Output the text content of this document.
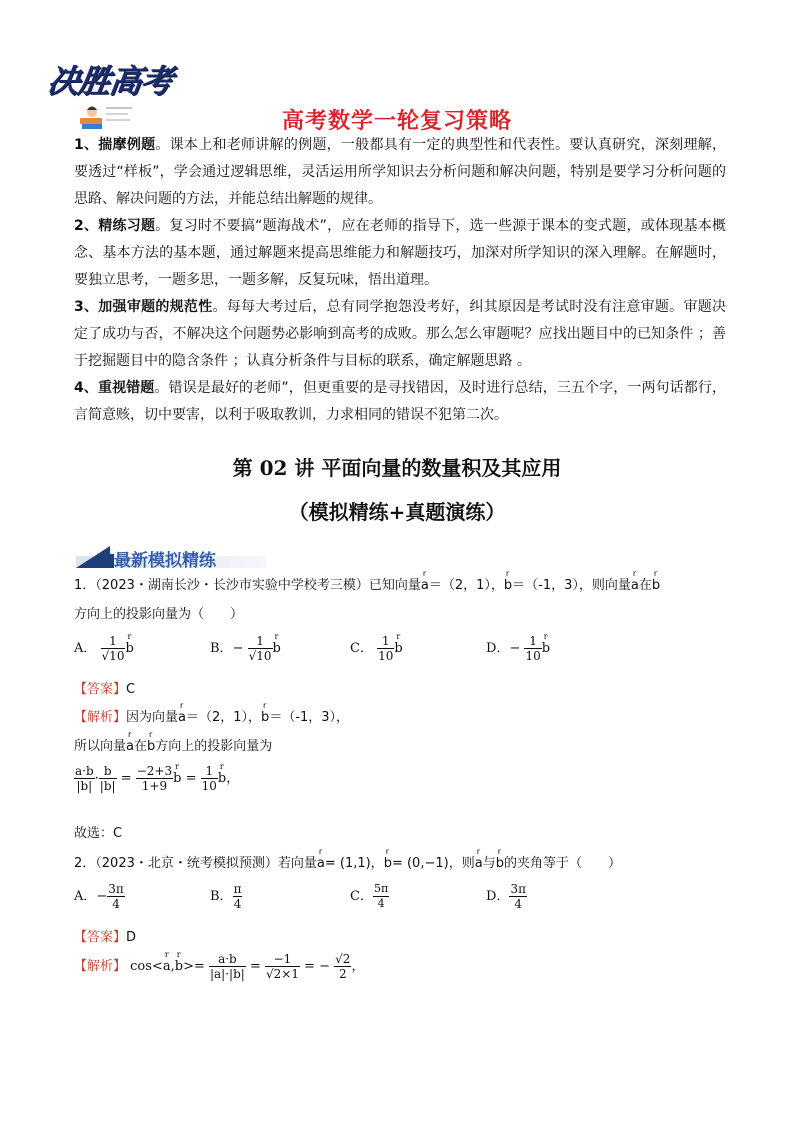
决胜高考
高考数学一轮复习策略

1、揣摩例题。课本上和老师讲解的例题，一般都具有一定的典型性和代表性。要认真研究，深刻理解，要透过“样板”，学会通过逻辑思维，灵活运用所学知识去分析问题和解决问题，特别是要学习分析问题的思路、解决问题的方法，并能总结出解题的规律。

2、精练习题。复习时不要搞“题海战术”，应在老师的指导下，选一些源于课本的变式题，或体现基本概念、基本方法的基本题，通过解题来提高思维能力和解题技巧，加深对所学知识的深入理解。在解题时，要独立思考，一题多思，一题多解，反复玩味，悟出道理。

3、加强审题的规范性。每每大考过后，总有同学抱怨没考好，纠其原因是考试时没有注意审题。审题决定了成功与否，不解决这个问题势必影响到高考的成败。那么怎么审题呢？应找出题目中的已知条件 ；善于挖掘题目中的隐含条件 ；认真分析条件与目标的联系，确定解题思路 。

4、重视错题。错误是最好的老师”，但更重要的是寻找错因，及时进行总结，三五个字，一两句话都行，言简意赅，切中要害，以利于吸取教训，力求相同的错误不犯第二次。

第 02 讲 平面向量的数量积及其应用
（模拟精练+真题演练）
最新模拟精练
1．（2023・湖南长沙・长沙市实验中学校考三模）已知向量r a＝（2，1），r b＝（-1，3），则向量r a在r b
方向上的投影向量为（　　）
A． $\frac{1}{√10}$ r b	B．− $\frac{1}{√10}$ r b	C． $\frac{1}{10}$ r b	D．− $\frac{1}{10}$ r b
【答案】C
【解析】因为向量r a＝（2，1），r b＝（-1，3），
所以向量r a在r b方向上的投影向量为
$\frac{a\cdot b}{|b|} \cdot \frac{b}{|b|} = \frac{-2+3}{1+9}$ r $b = \frac{1}{10}$ r b，
故选：C
2．（2023・北京・统考模拟预测）若向量r a= (1,1)，r b= (0,−1)，则r a与r b的夹角等于（　　）
A．− $\frac{3\pi}{4}$	B． $\frac{\pi}{4}$	C． $\frac{5\pi}{4}$	D． $\frac{3\pi}{4}$
【答案】D
【解析】 cos<r a,r $b>= \frac{a\cdot b}{|a|\cdot|b|} = \frac{-1}{√2\times 1}$ = − $\frac{√2}{2}$ ，
